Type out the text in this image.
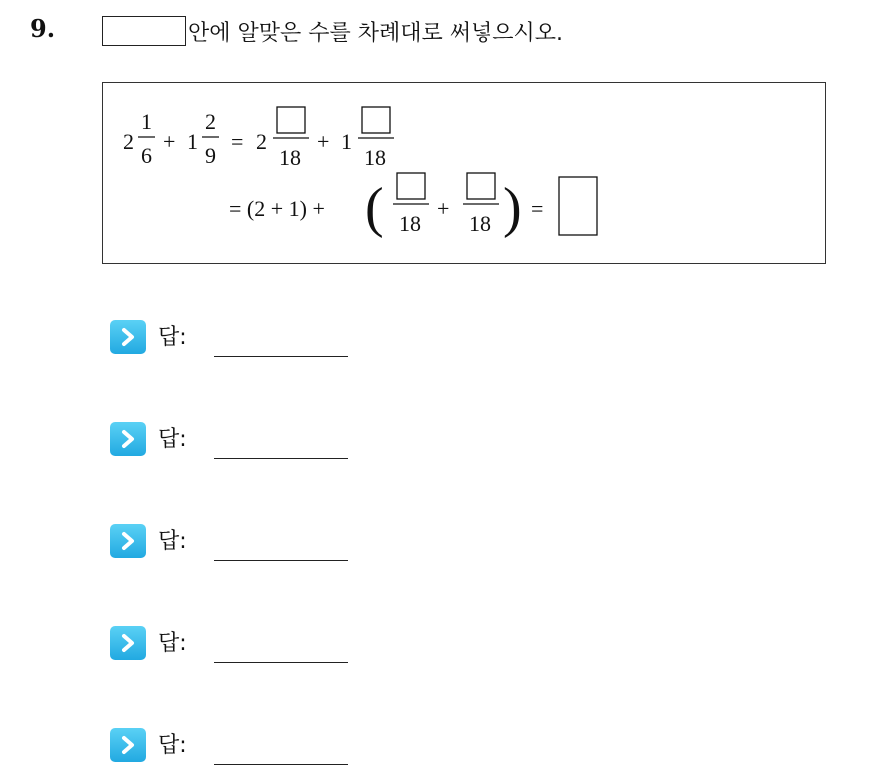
9.	안에 알맞은 수를 차례대로 써넣으시오.
2
1
6
+ 1
2
9
= 2
18
+ 1
18
= (2 + 1) + ( 18
+
18 ) =
답:
답:
답:
답:
답:
